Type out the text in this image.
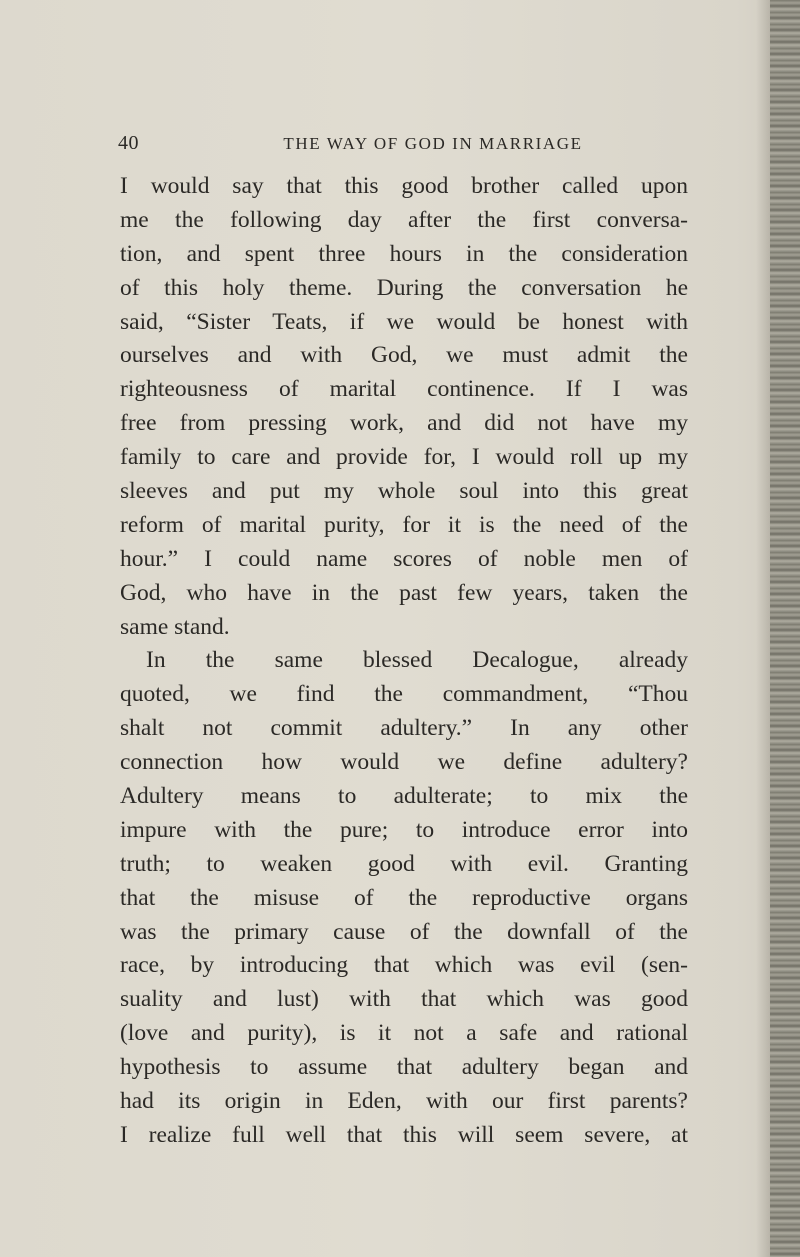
40	THE WAY OF GOD IN MARRIAGE
I would say that this good brother called upon
me the following day after the first conversa-
tion, and spent three hours in the consideration
of this holy theme. During the conversation he
said, “Sister Teats, if we would be honest with
ourselves and with God, we must admit the
righteousness of marital continence. If I was
free from pressing work, and did not have my
family to care and provide for, I would roll up my
sleeves and put my whole soul into this great
reform of marital purity, for it is the need of the
hour.” I could name scores of noble men of
God, who have in the past few years, taken the
same stand.
In the same blessed Decalogue, already
quoted, we find the commandment, “Thou
shalt not commit adultery.” In any other
connection how would we define adultery?
Adultery means to adulterate; to mix the
impure with the pure; to introduce error into
truth; to weaken good with evil. Granting
that the misuse of the reproductive organs
was the primary cause of the downfall of the
race, by introducing that which was evil (sen-
suality and lust) with that which was good
(love and purity), is it not a safe and rational
hypothesis to assume that adultery began and
had its origin in Eden, with our first parents?
I realize full well that this will seem severe, at
